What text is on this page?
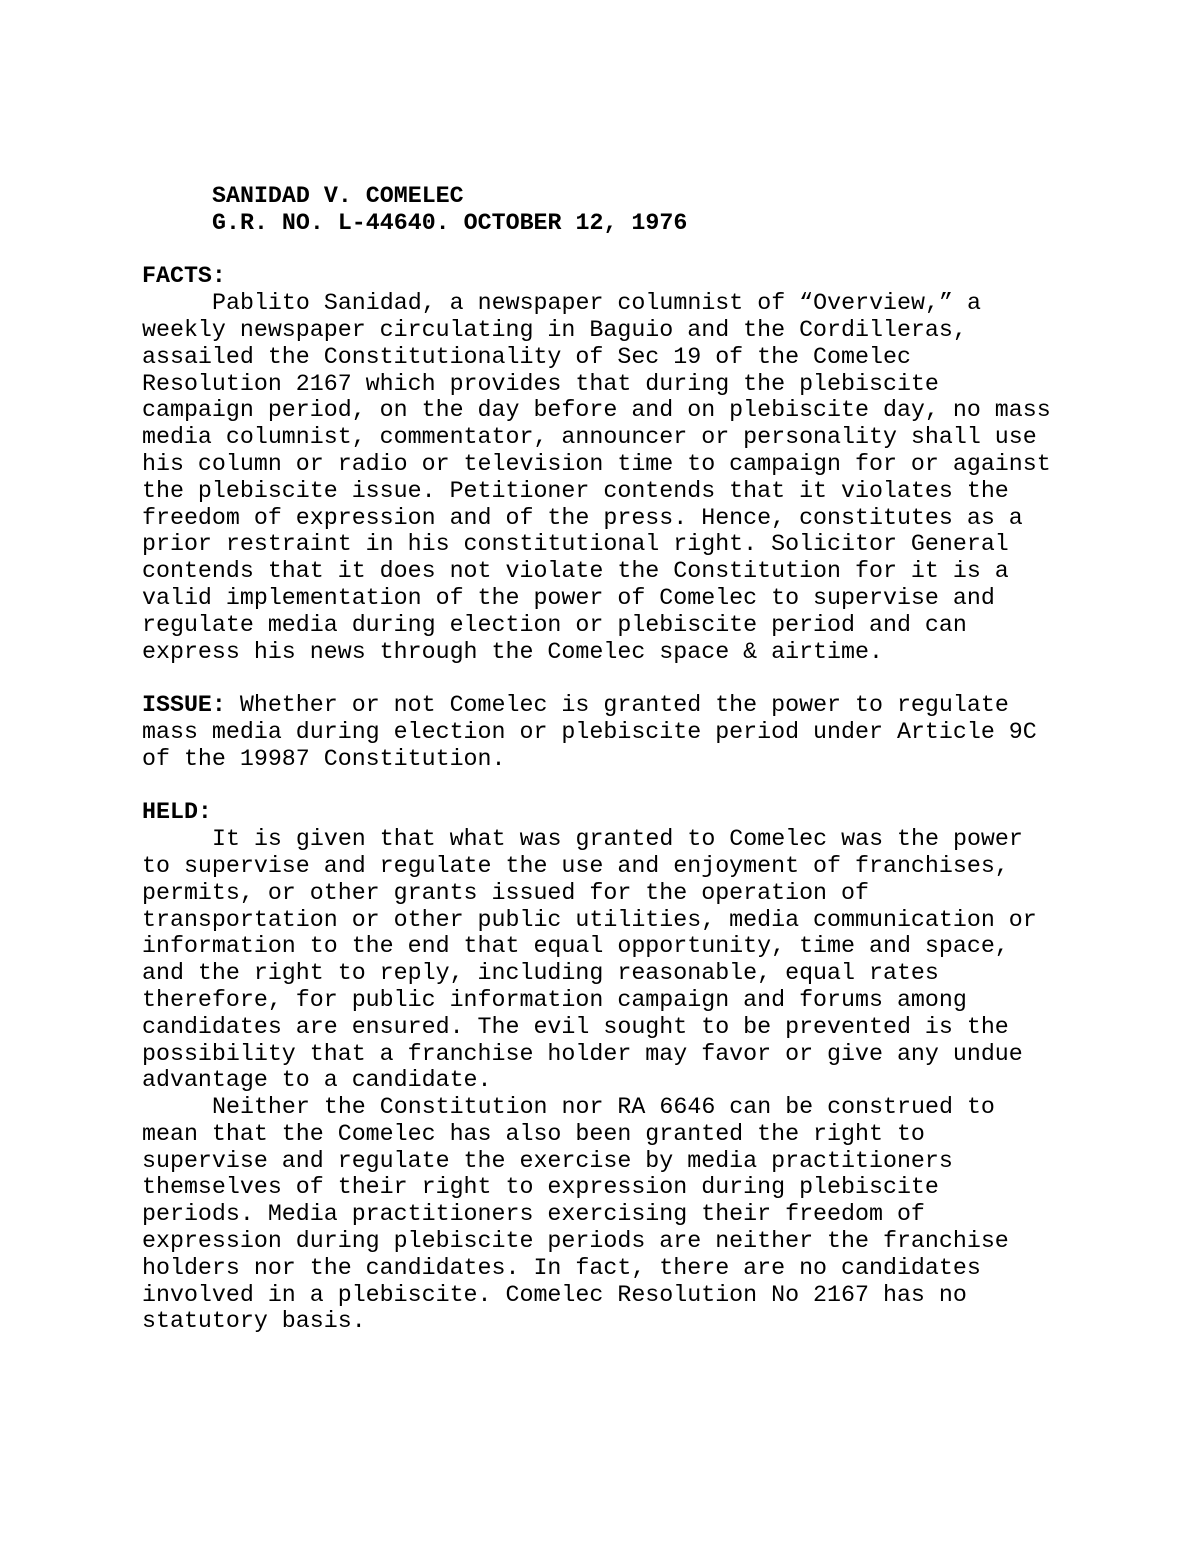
SANIDAD V. COMELEC
G.R. NO. L-44640. OCTOBER 12, 1976
FACTS:
Pablito Sanidad, a newspaper columnist of “Overview,” a
weekly newspaper circulating in Baguio and the Cordilleras,
assailed the Constitutionality of Sec 19 of the Comelec
Resolution 2167 which provides that during the plebiscite
campaign period, on the day before and on plebiscite day, no mass
media columnist, commentator, announcer or personality shall use
his column or radio or television time to campaign for or against
the plebiscite issue. Petitioner contends that it violates the
freedom of expression and of the press. Hence, constitutes as a
prior restraint in his constitutional right. Solicitor General
contends that it does not violate the Constitution for it is a
valid implementation of the power of Comelec to supervise and
regulate media during election or plebiscite period and can
express his news through the Comelec space & airtime.
ISSUE: Whether or not Comelec is granted the power to regulate
mass media during election or plebiscite period under Article 9C
of the 19987 Constitution.
HELD:
It is given that what was granted to Comelec was the power
to supervise and regulate the use and enjoyment of franchises,
permits, or other grants issued for the operation of
transportation or other public utilities, media communication or
information to the end that equal opportunity, time and space,
and the right to reply, including reasonable, equal rates
therefore, for public information campaign and forums among
candidates are ensured. The evil sought to be prevented is the
possibility that a franchise holder may favor or give any undue
advantage to a candidate.
Neither the Constitution nor RA 6646 can be construed to
mean that the Comelec has also been granted the right to
supervise and regulate the exercise by media practitioners
themselves of their right to expression during plebiscite
periods. Media practitioners exercising their freedom of
expression during plebiscite periods are neither the franchise
holders nor the candidates. In fact, there are no candidates
involved in a plebiscite. Comelec Resolution No 2167 has no
statutory basis.
